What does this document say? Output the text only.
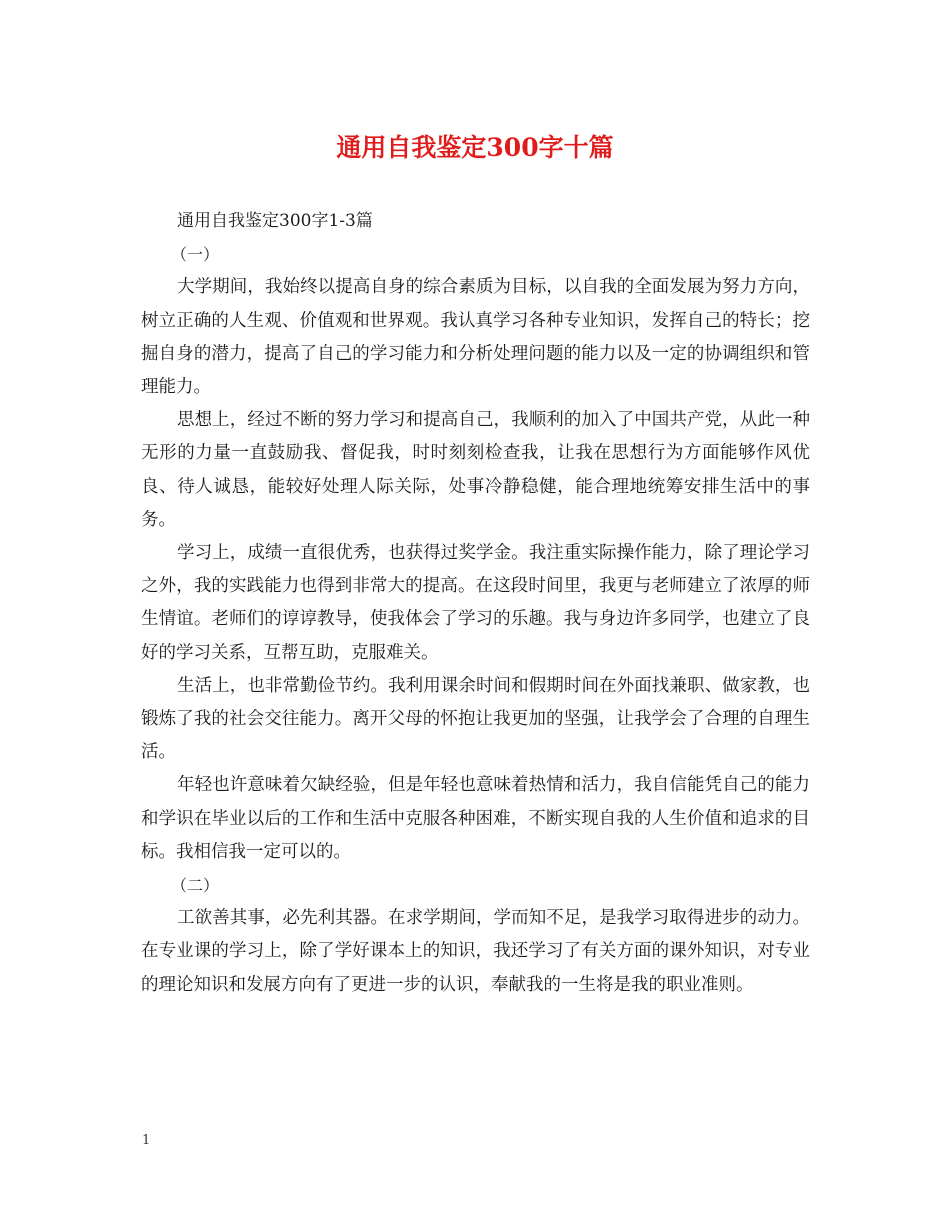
通用自我鉴定300字十篇

通用自我鉴定300字1-3篇

（一）

大学期间，我始终以提高自身的综合素质为目标，以自我的全面发展为努力方向，树立正确的人生观、价值观和世界观。我认真学习各种专业知识，发挥自己的特长；挖掘自身的潜力，提高了自己的学习能力和分析处理问题的能力以及一定的协调组织和管理能力。

思想上，经过不断的努力学习和提高自己，我顺利的加入了中国共产党，从此一种无形的力量一直鼓励我、督促我，时时刻刻检查我，让我在思想行为方面能够作风优良、待人诚恳，能较好处理人际关际，处事冷静稳健，能合理地统筹安排生活中的事务。

学习上，成绩一直很优秀，也获得过奖学金。我注重实际操作能力，除了理论学习之外，我的实践能力也得到非常大的提高。在这段时间里，我更与老师建立了浓厚的师生情谊。老师们的谆谆教导，使我体会了学习的乐趣。我与身边许多同学，也建立了良好的学习关系，互帮互助，克服难关。

生活上，也非常勤俭节约。我利用课余时间和假期时间在外面找兼职、做家教，也锻炼了我的社会交往能力。离开父母的怀抱让我更加的坚强，让我学会了合理的自理生活。

年轻也许意味着欠缺经验，但是年轻也意味着热情和活力，我自信能凭自己的能力和学识在毕业以后的工作和生活中克服各种困难，不断实现自我的人生价值和追求的目标。我相信我一定可以的。

（二）

工欲善其事，必先利其器。在求学期间，学而知不足，是我学习取得进步的动力。在专业课的学习上，除了学好课本上的知识，我还学习了有关方面的课外知识，对专业的理论知识和发展方向有了更进一步的认识，奉献我的一生将是我的职业准则。

1
